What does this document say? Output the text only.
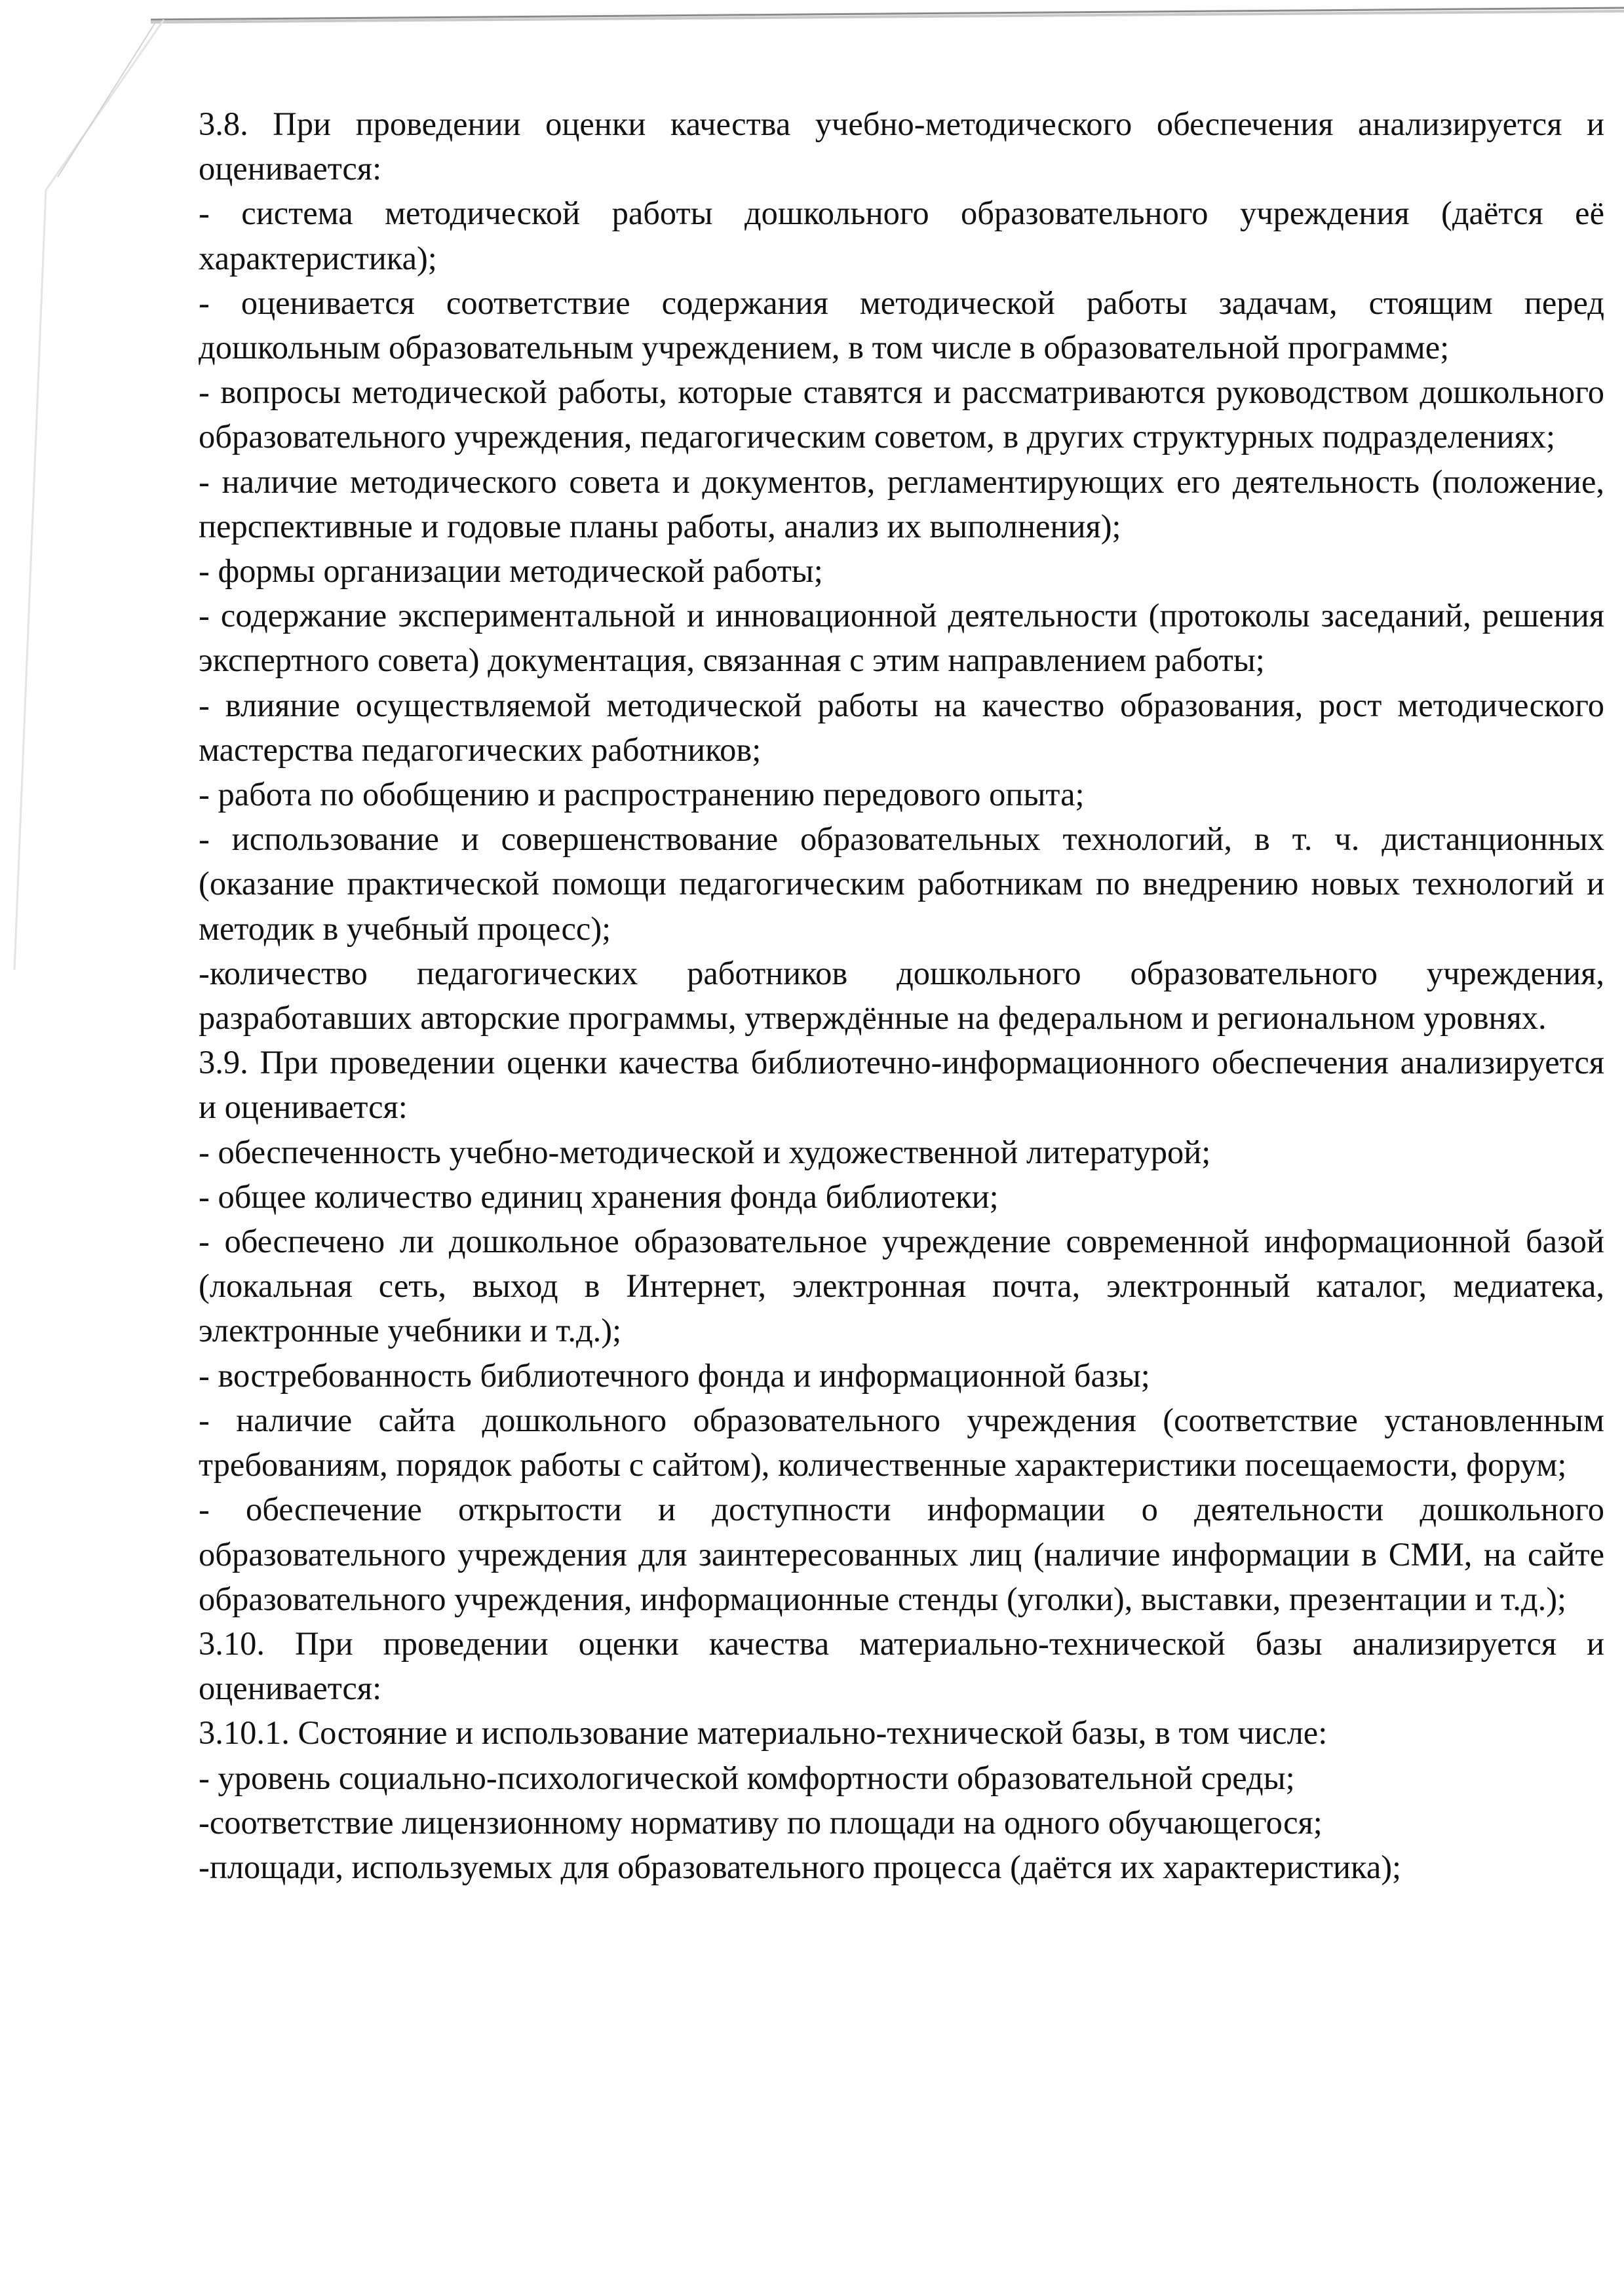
3.8. При проведении оценки качества учебно-методического обеспечения анализируется и оценивается:

- система методической работы дошкольного образовательного учреждения (даётся её характеристика);

- оценивается соответствие содержания методической работы задачам, стоящим перед дошкольным образовательным учреждением, в том числе в образовательной программе;

- вопросы методической работы, которые ставятся и рассматриваются руководством дошкольного образовательного учреждения, педагогическим советом, в других структурных подразделениях;

- наличие методического совета и документов, регламентирующих его деятельность (положение, перспективные и годовые планы работы, анализ их выполнения);

- формы организации методической работы;

- содержание экспериментальной и инновационной деятельности (протоколы заседаний, решения экспертного совета) документация, связанная с этим направлением работы;

- влияние осуществляемой методической работы на качество образования, рост методического мастерства педагогических работников;

- работа по обобщению и распространению передового опыта;

- использование и совершенствование образовательных технологий, в т. ч. дистанционных (оказание практической помощи педагогическим работникам по внедрению новых технологий и методик в учебный процесс);

-количество педагогических работников дошкольного образовательного учреждения, разработавших авторские программы, утверждённые на федеральном и региональном уровнях.

3.9. При проведении оценки качества библиотечно-информационного обеспечения анализируется и оценивается:

- обеспеченность учебно-методической и художественной литературой;

- общее количество единиц хранения фонда библиотеки;

- обеспечено ли дошкольное образовательное учреждение современной информационной базой (локальная сеть, выход в Интернет, электронная почта, электронный каталог, медиатека, электронные учебники и т.д.);

- востребованность библиотечного фонда и информационной базы;

- наличие сайта дошкольного образовательного учреждения (соответствие установленным требованиям, порядок работы с сайтом), количественные характеристики посещаемости, форум;

- обеспечение открытости и доступности информации о деятельности дошкольного образовательного учреждения для заинтересованных лиц (наличие информации в СМИ, на сайте образовательного учреждения, информационные стенды (уголки), выставки, презентации и т.д.);

3.10. При проведении оценки качества материально-технической базы анализируется и оценивается:

3.10.1. Состояние и использование материально-технической базы, в том числе:

- уровень социально-психологической комфортности образовательной среды;

-соответствие лицензионному нормативу по площади на одного обучающегося;

-площади, используемых для образовательного процесса (даётся их характеристика);
